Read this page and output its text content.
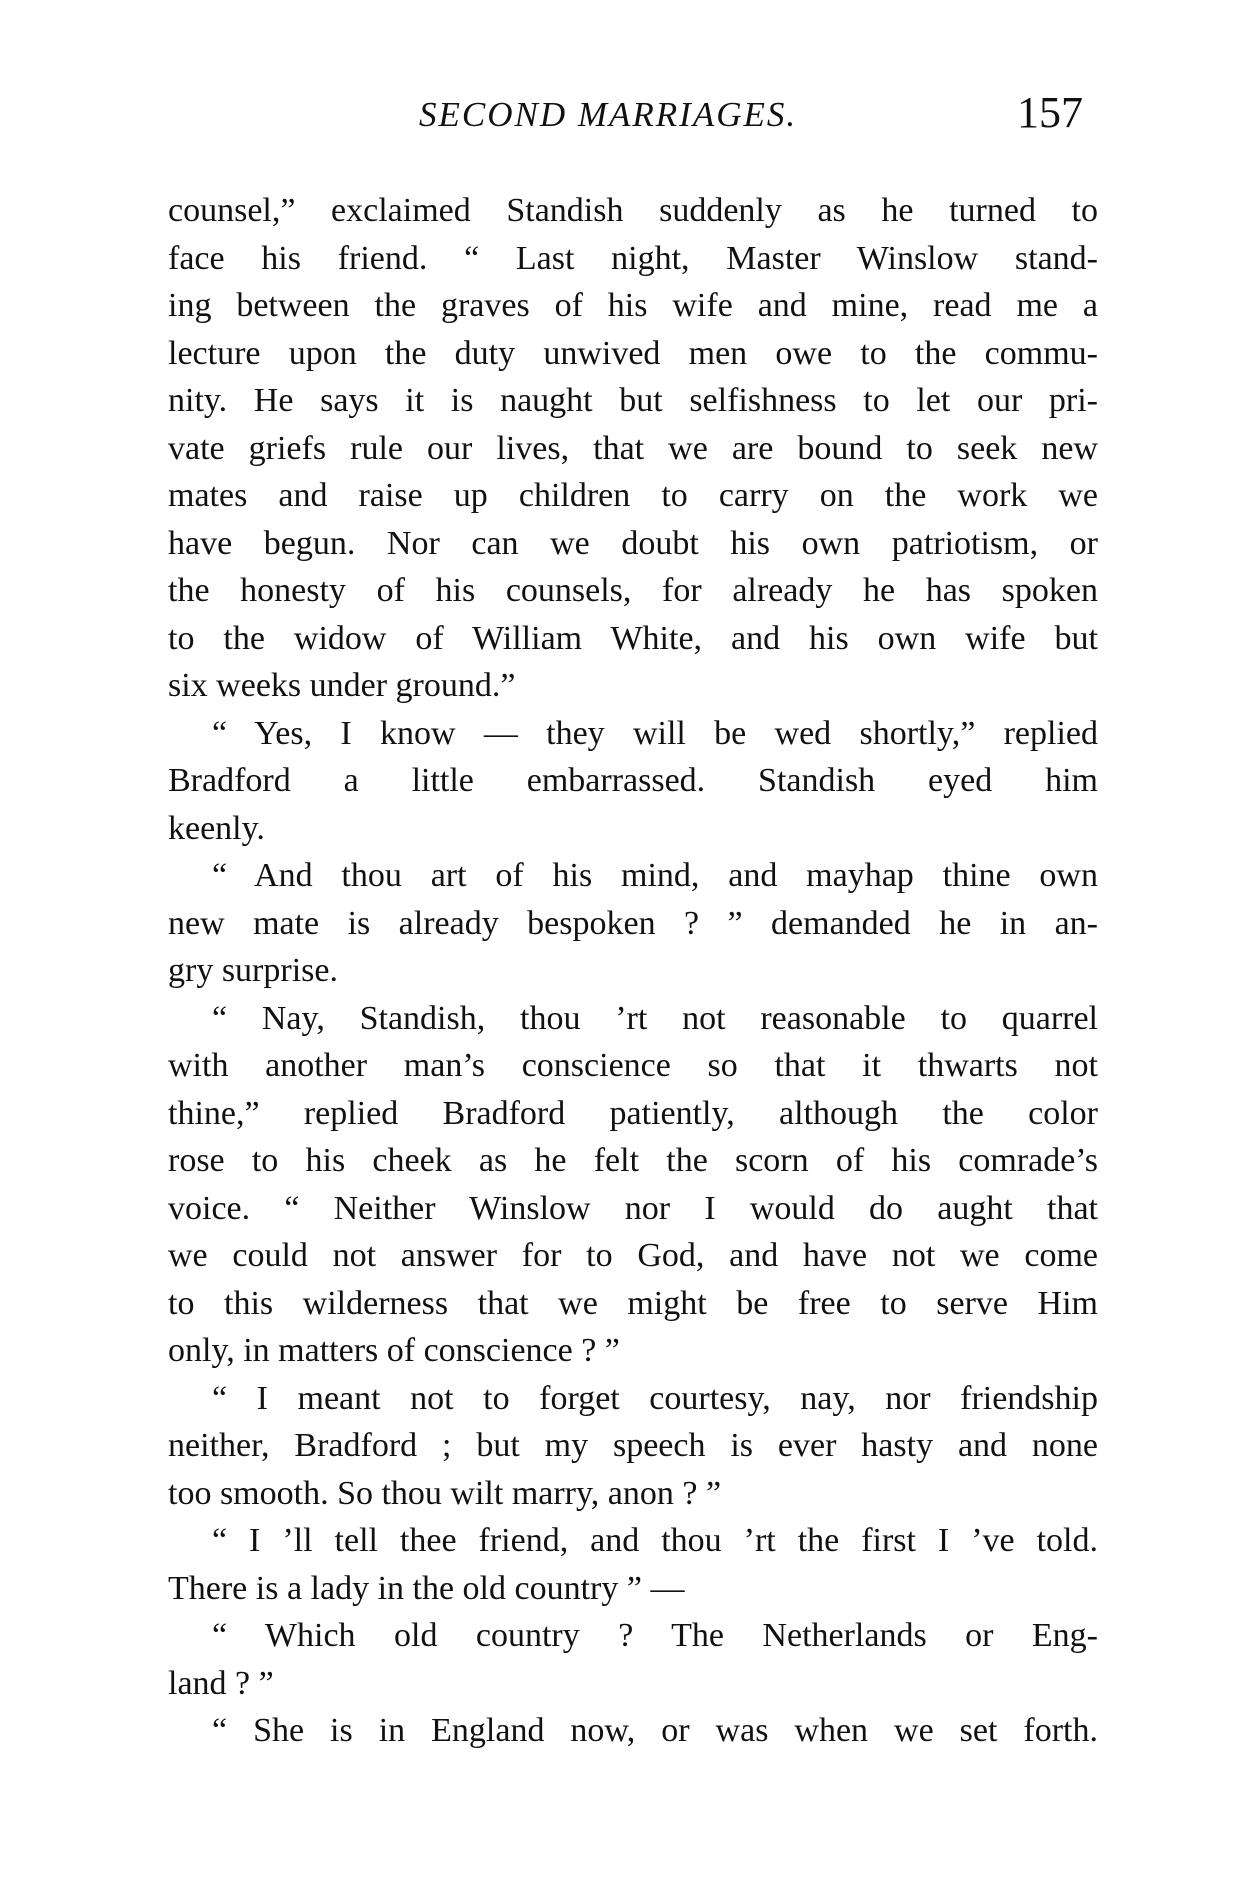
SECOND MARRIAGES.	157
counsel,” exclaimed Standish suddenly as he turned to
face his friend. “ Last night, Master Winslow stand-
ing between the graves of his wife and mine, read me a
lecture upon the duty unwived men owe to the commu-
nity. He says it is naught but selfishness to let our pri-
vate griefs rule our lives, that we are bound to seek new
mates and raise up children to carry on the work we
have begun. Nor can we doubt his own patriotism, or
the honesty of his counsels, for already he has spoken
to the widow of William White, and his own wife but
six weeks under ground.”
“ Yes, I know — they will be wed shortly,” replied
Bradford a little embarrassed. Standish eyed him
keenly.
“ And thou art of his mind, and mayhap thine own
new mate is already bespoken ? ” demanded he in an-
gry surprise.
“ Nay, Standish, thou ’rt not reasonable to quarrel
with another man’s conscience so that it thwarts not
thine,” replied Bradford patiently, although the color
rose to his cheek as he felt the scorn of his comrade’s
voice. “ Neither Winslow nor I would do aught that
we could not answer for to God, and have not we come
to this wilderness that we might be free to serve Him
only, in matters of conscience ? ”
“ I meant not to forget courtesy, nay, nor friendship
neither, Bradford ; but my speech is ever hasty and none
too smooth. So thou wilt marry, anon ? ”
“ I ’ll tell thee friend, and thou ’rt the first I ’ve told.
There is a lady in the old country ” —
“ Which old country ? The Netherlands or Eng-
land ? ”
“ She is in England now, or was when we set forth.
